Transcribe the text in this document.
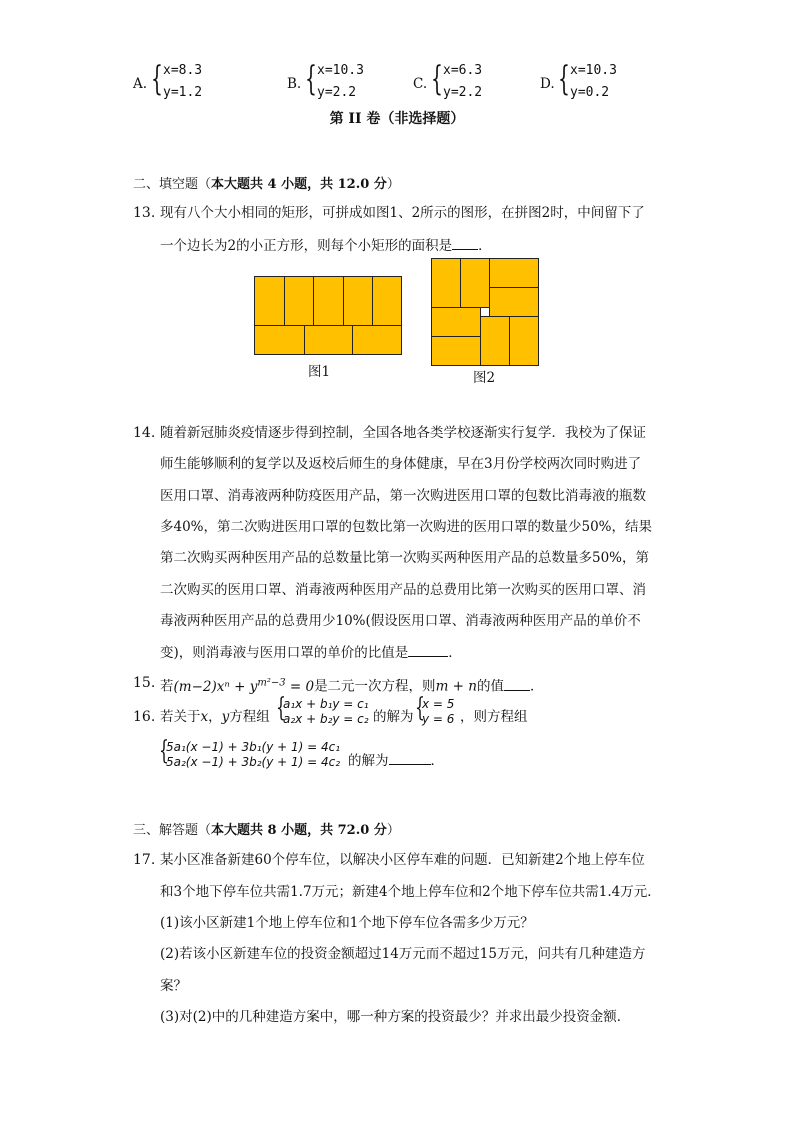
A. { x=8.3
y=1.2
B. { x=10.3
y=2.2
C. { x=6.3
y=2.2
D. { x=10.3
y=0.2
第 II 卷（非选择题）
二、填空题（本大题共 4 小题，共 12.0 分）
13. 现有八个大小相同的矩形，可拼成如图1、2所示的图形，在拼图2时，中间留下了
一个边长为2的小正方形，则每个小矩形的面积是 ．
图1	图2
14. 随着新冠肺炎疫情逐步得到控制，全国各地各类学校逐渐实行复学．我校为了保证
师生能够顺利的复学以及返校后师生的身体健康，早在3月份学校两次同时购进了
医用口罩、消毒液两种防疫医用产品，第一次购进医用口罩的包数比消毒液的瓶数
多40%，第二次购进医用口罩的包数比第一次购进的医用口罩的数量少50%，结果
第二次购买两种医用产品的总数量比第一次购买两种医用产品的总数量多50%，第
二次购买的医用口罩、消毒液两种医用产品的总费用比第一次购买的医用口罩、消
毒液两种医用产品的总费用少10%(假设医用口罩、消毒液两种医用产品的单价不
变)，则消毒液与医用口罩的单价的比值是	．
15. 若$(m-2)x^n + y^{m^2-3} = 0$是二元一次方程，则m + n的值 ．
16. 若关于x，y方程组 {
a₁x + b₁y = c₁
a₂x + b₂y = c₂ 的解为 {
x = 5
y = 6 ，则方程组
{
5a₁(x −1) + 3b₁(y + 1) = 4c₁
5a₂(x −1) + 3b₂(y + 1) = 4c₂ 的解为	．
三、解答题（本大题共 8 小题，共 72.0 分）
17. 某小区准备新建60个停车位，以解决小区停车难的问题．已知新建2个地上停车位
和3个地下停车位共需1.7万元；新建4个地上停车位和2个地下停车位共需1.4万元．
(1)该小区新建1个地上停车位和1个地下停车位各需多少万元？
(2)若该小区新建车位的投资金额超过14万元而不超过15万元，问共有几种建造方
案？
(3)对(2)中的几种建造方案中，哪一种方案的投资最少？并求出最少投资金额．
